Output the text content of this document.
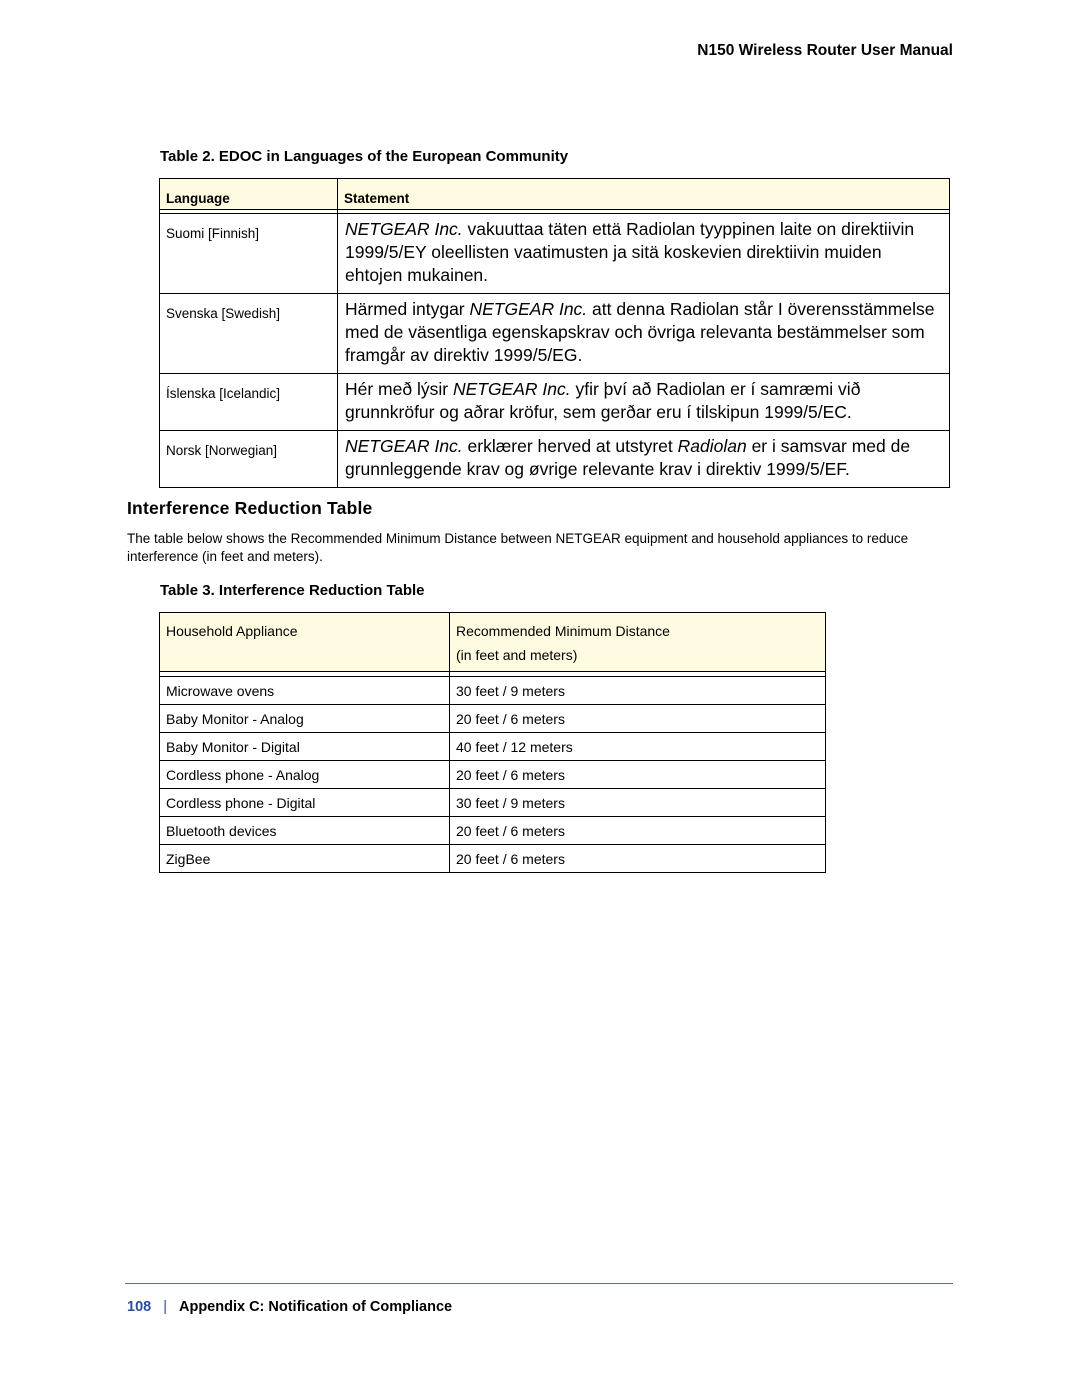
N150 Wireless Router User Manual
Table 2. EDOC in Languages of the European Community
Language	Statement

Suomi [Finnish]	NETGEAR Inc. vakuuttaa täten että Radiolan tyyppinen laite on direktiivin 1999/5/EY oleellisten vaatimusten ja sitä koskevien direktiivin muiden ehtojen mukainen.
Svenska [Swedish]	Härmed intygar NETGEAR Inc. att denna Radiolan står I överensstämmelse med de väsentliga egenskapskrav och övriga relevanta bestämmelser som framgår av direktiv 1999/5/EG.
Íslenska [Icelandic]	Hér með lýsir NETGEAR Inc. yfir því að Radiolan er í samræmi við grunnkröfur og aðrar kröfur, sem gerðar eru í tilskipun 1999/5/EC.
Norsk [Norwegian]	NETGEAR Inc. erklærer herved at utstyret Radiolan er i samsvar med de grunnleggende krav og øvrige relevante krav i direktiv 1999/5/EF.
Interference Reduction Table
The table below shows the Recommended Minimum Distance between NETGEAR equipment and household appliances to reduce interference (in feet and meters).
Table 3. Interference Reduction Table
Household Appliance	Recommended Minimum Distance
(in feet and meters)

Microwave ovens	30 feet / 9 meters
Baby Monitor - Analog	20 feet / 6 meters
Baby Monitor - Digital	40 feet / 12 meters
Cordless phone - Analog	20 feet / 6 meters
Cordless phone - Digital	30 feet / 9 meters
Bluetooth devices	20 feet / 6 meters
ZigBee	20 feet / 6 meters
108 | Appendix C: Notification of Compliance
